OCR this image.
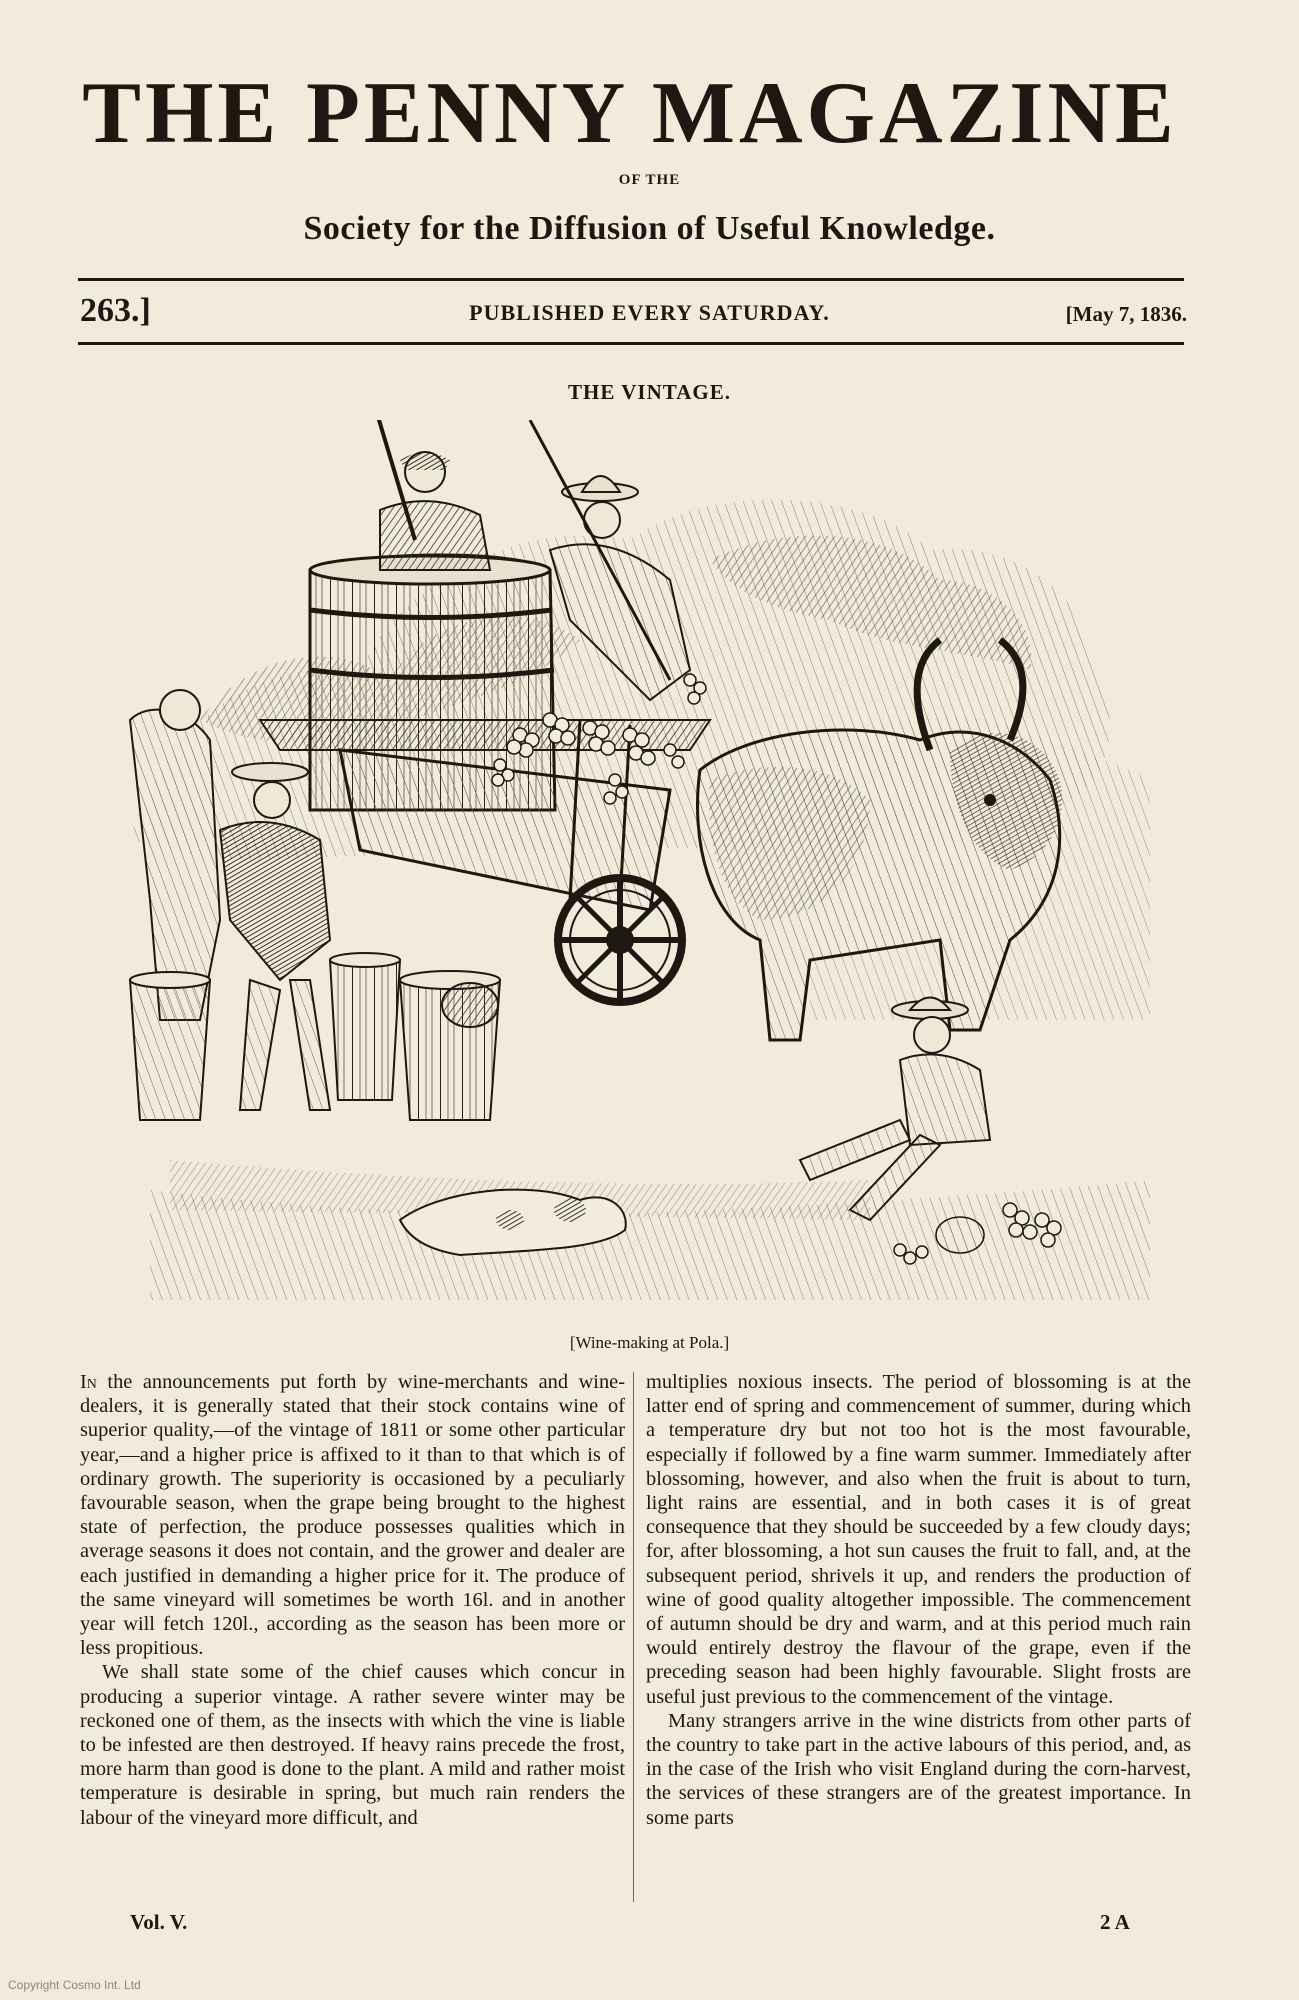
THE PENNY MAGAZINE
OF THE
Society for the Diffusion of Useful Knowledge.
263.]	PUBLISHED EVERY SATURDAY.	[May 7, 1836.
THE VINTAGE.
[Wine-making at Pola.]

In the announcements put forth by wine-merchants and wine-dealers, it is generally stated that their stock contains wine of superior quality,—of the vintage of 1811 or some other particular year,—and a higher price is affixed to it than to that which is of ordinary growth. The superiority is occasioned by a peculiarly favourable season, when the grape being brought to the highest state of perfection, the produce possesses qualities which in average seasons it does not contain, and the grower and dealer are each justified in demanding a higher price for it. The produce of the same vineyard will sometimes be worth 16l. and in another year will fetch 120l., according as the season has been more or less propitious.

We shall state some of the chief causes which concur in producing a superior vintage. A rather severe winter may be reckoned one of them, as the insects with which the vine is liable to be infested are then destroyed. If heavy rains precede the frost, more harm than good is done to the plant. A mild and rather moist temperature is desirable in spring, but much rain renders the labour of the vineyard more difficult, and

multiplies noxious insects. The period of blossoming is at the latter end of spring and commencement of summer, during which a temperature dry but not too hot is the most favourable, especially if followed by a fine warm summer. Immediately after blossoming, however, and also when the fruit is about to turn, light rains are essential, and in both cases it is of great consequence that they should be succeeded by a few cloudy days; for, after blossoming, a hot sun causes the fruit to fall, and, at the subsequent period, shrivels it up, and renders the production of wine of good quality altogether impossible. The commencement of autumn should be dry and warm, and at this period much rain would entirely destroy the flavour of the grape, even if the preceding season had been highly favourable. Slight frosts are useful just previous to the commencement of the vintage.

Many strangers arrive in the wine districts from other parts of the country to take part in the active labours of this period, and, as in the case of the Irish who visit England during the corn-harvest, the services of these strangers are of the greatest importance. In some parts

Vol. V.	2 A
Copyright Cosmo Int. Ltd
